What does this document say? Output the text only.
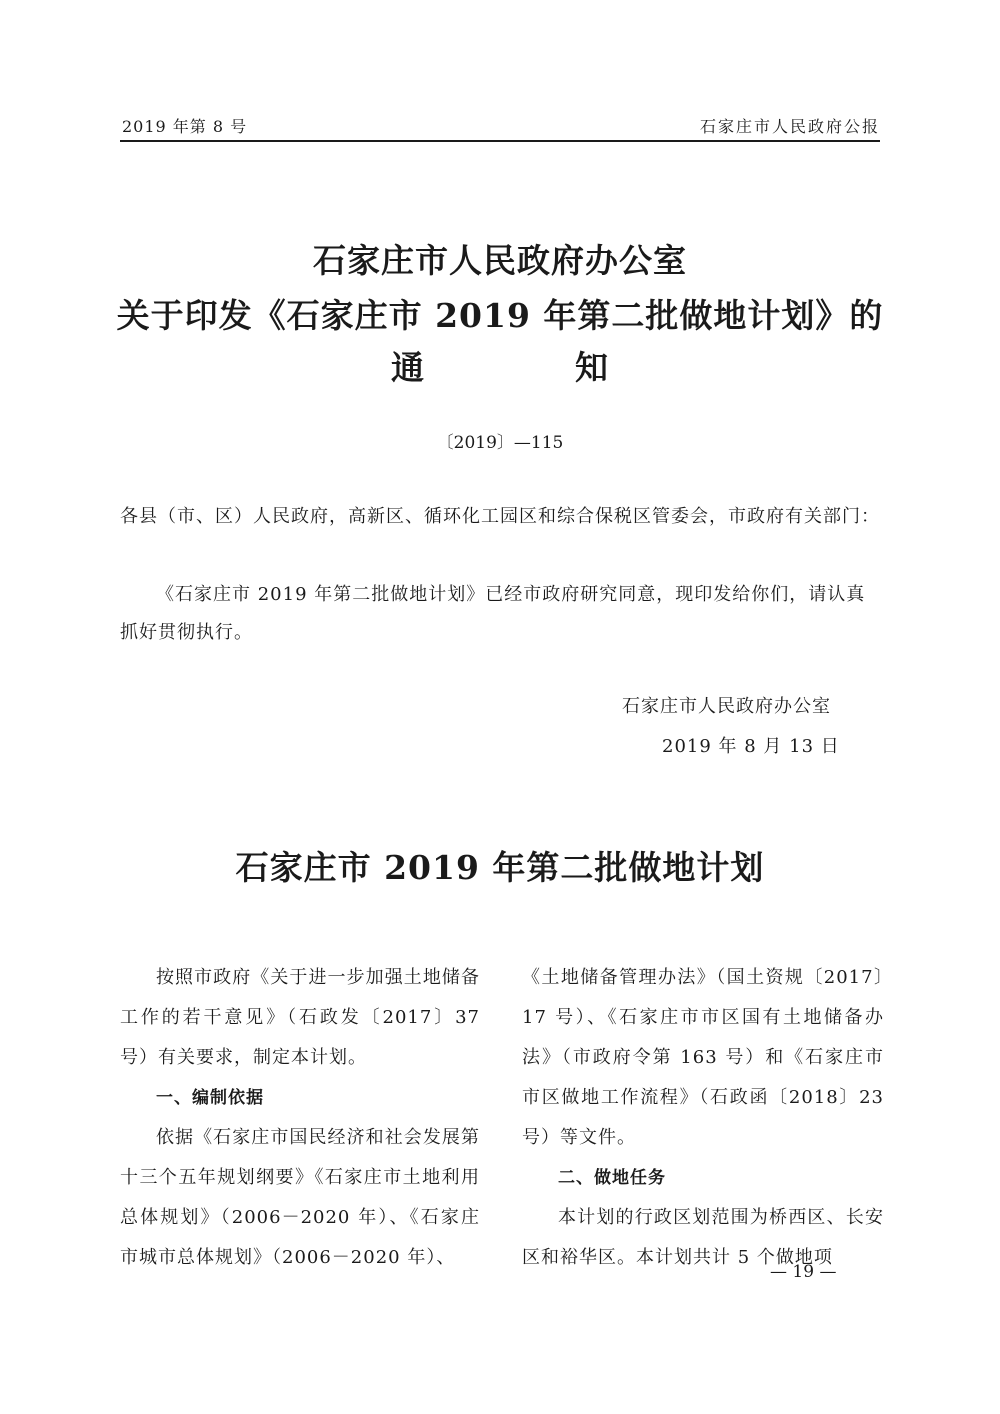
2019 年第 8 号	石家庄市人民政府公报
石家庄市人民政府办公室
关于印发《石家庄市 2019 年第二批做地计划》的
通	知
〔2019〕—115
各县（市、区）人民政府，高新区、循环化工园区和综合保税区管委会，市政府有关部门：
《石家庄市 2019 年第二批做地计划》已经市政府研究同意，现印发给你们，请认真抓好贯彻执行。
石家庄市人民政府办公室
2019 年 8 月 13 日
石家庄市 2019 年第二批做地计划

按照市政府《关于进一步加强土地储备工作的若干意见》（石政发〔2017〕37 号）有关要求，制定本计划。

一、编制依据

依据《石家庄市国民经济和社会发展第十三个五年规划纲要》《石家庄市土地利用总体规划》（2006－2020 年）、《石家庄市城市总体规划》（2006－2020 年）、

《土地储备管理办法》（国土资规〔2017〕17 号）、《石家庄市市区国有土地储备办法》（市政府令第 163 号）和《石家庄市市区做地工作流程》（石政函〔2018〕23 号）等文件。

二、做地任务

本计划的行政区划范围为桥西区、长安区和裕华区。本计划共计 5 个做地项

— 19 —
